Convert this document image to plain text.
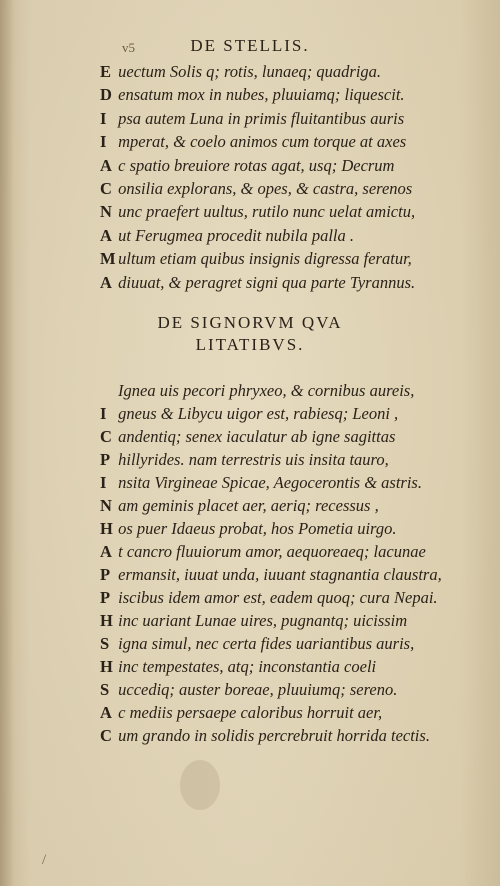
v5	DE STELLIS.
E uectum Solis q; rotis, lunaeq; quadriga.
D ensatum mox in nubes, pluuiamq; liquescit.
I psa autem Luna in primis fluitantibus auris
I mperat, & coelo animos cum torque at axes
A c spatio breuiore rotas agat, usq; Decrum
C onsilia explorans, & opes, & castra, serenos
N unc praefert uultus, rutilo nunc uelat amictu,
A ut Ferugmea procedit nubila palla .
M ultum etiam quibus insignis digressa feratur,
A diuuat, & peragret signi qua parte Tyrannus.
DE SIGNORVM QVA
LITATIBVS.
Ignea uis pecori phryxeo, & cornibus aureis,
I gneus & Libycu uigor est, rabiesq; Leoni ,
C andentiq; senex iaculatur ab igne sagittas
P hillyrides. nam terrestris uis insita tauro,
I nsita Virgineae Spicae, Aegocerontis & astris.
N am geminis placet aer, aeriq; recessus ,
H os puer Idaeus probat, hos Pometia uirgo.
A t cancro fluuiorum amor, aequoreaeq; lacunae
P ermansit, iuuat unda, iuuant stagnantia claustra,
P iscibus idem amor est, eadem quoq; cura Nepai.
H inc uariant Lunae uires, pugnantq; uicissim
S igna simul, nec certa fides uariantibus auris,
H inc tempestates, atq; inconstantia coeli
S uccediq; auster boreae, pluuiumq; sereno.
A c mediis persaepe caloribus horruit aer,
C um grando in solidis percrebruit horrida tectis.
/
